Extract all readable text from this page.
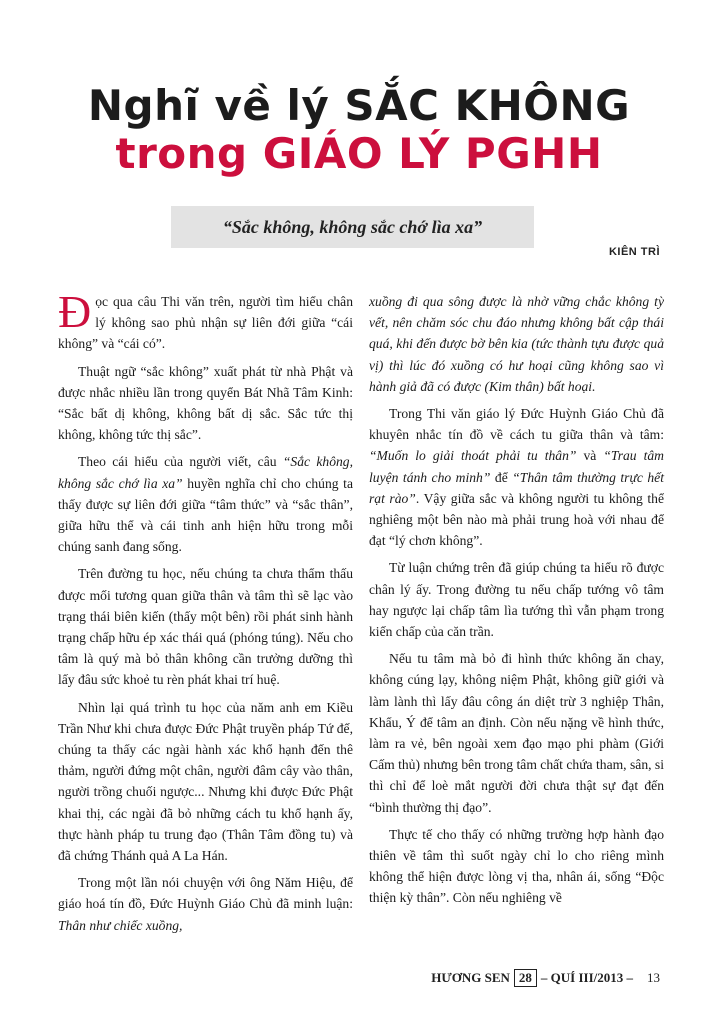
Nghĩ về lý SẮC KHÔNG
trong GIÁO LÝ PGHH
“Sắc không, không sắc chớ lìa xa”
KIÊN TRÌ

Đọc qua câu Thi văn trên, người tìm hiểu chân lý không sao phủ nhận sự liên đới giữa “cái không” và “cái có”.

Thuật ngữ “sắc không” xuất phát từ nhà Phật và được nhắc nhiều lần trong quyển Bát Nhã Tâm Kinh: “Sắc bất dị không, không bất dị sắc. Sắc tức thị không, không tức thị sắc”.

Theo cái hiểu của người viết, câu “Sắc không, không sắc chớ lìa xa” huyền nghĩa chỉ cho chúng ta thấy được sự liên đới giữa “tâm thức” và “sắc thân”, giữa hữu thể và cái tinh anh hiện hữu trong mỗi chúng sanh đang sống.

Trên đường tu học, nếu chúng ta chưa thẩm thấu được mối tương quan giữa thân và tâm thì sẽ lạc vào trạng thái biên kiến (thấy một bên) rồi phát sinh hành trạng chấp hữu ép xác thái quá (phóng túng). Nếu cho tâm là quý mà bỏ thân không cần trưởng dưỡng thì lấy đâu sức khoẻ tu rèn phát khai trí huệ.

Nhìn lại quá trình tu học của năm anh em Kiều Trần Như khi chưa được Đức Phật truyền pháp Tứ đế, chúng ta thấy các ngài hành xác khổ hạnh đến thê thảm, người đứng một chân, người đâm cây vào thân, người trồng chuối ngược... Nhưng khi được Đức Phật khai thị, các ngài đã bỏ những cách tu khổ hạnh ấy, thực hành pháp tu trung đạo (Thân Tâm đồng tu) và đã chứng Thánh quả A La Hán.

Trong một lần nói chuyện với ông Năm Hiệu, để giáo hoá tín đồ, Đức Huỳnh Giáo Chủ đã minh luận: Thân như chiếc xuồng,

xuồng đi qua sông được là nhờ vững chắc không tỳ vết, nên chăm sóc chu đáo nhưng không bất cập thái quá, khi đến được bờ bên kia (tức thành tựu được quả vị) thì lúc đó xuồng có hư hoại cũng không sao vì hành giả đã có được (Kim thân) bất hoại.

Trong Thi văn giáo lý Đức Huỳnh Giáo Chủ đã khuyên nhắc tín đồ về cách tu giữa thân và tâm: “Muốn lo giải thoát phải tu thân” và “Trau tâm luyện tánh cho minh” để “Thân tâm thường trực hết rạt rào”. Vậy giữa sắc và không người tu không thể nghiêng một bên nào mà phải trung hoà với nhau để đạt “lý chơn không”.

Từ luận chứng trên đã giúp chúng ta hiểu rõ được chân lý ấy. Trong đường tu nếu chấp tướng vô tâm hay ngược lại chấp tâm lìa tướng thì vẫn phạm trong kiến chấp của căn trần.

Nếu tu tâm mà bỏ đi hình thức không ăn chay, không cúng lạy, không niệm Phật, không giữ giới và làm lành thì lấy đâu công án diệt trừ 3 nghiệp Thân, Khẩu, Ý để tâm an định. Còn nếu nặng về hình thức, làm ra vẻ, bên ngoài xem đạo mạo phi phàm (Giới Cấm thủ) nhưng bên trong tâm chất chứa tham, sân, si thì chỉ để loè mắt người đời chưa thật sự đạt đến “bình thường thị đạo”.

Thực tế cho thấy có những trường hợp hành đạo thiên về tâm thì suốt ngày chỉ lo cho riêng mình không thể hiện được lòng vị tha, nhân ái, sống “Độc thiện kỳ thân”. Còn nếu nghiêng về

HƯƠNG SEN 28 – QUÍ III/2013 – 13
